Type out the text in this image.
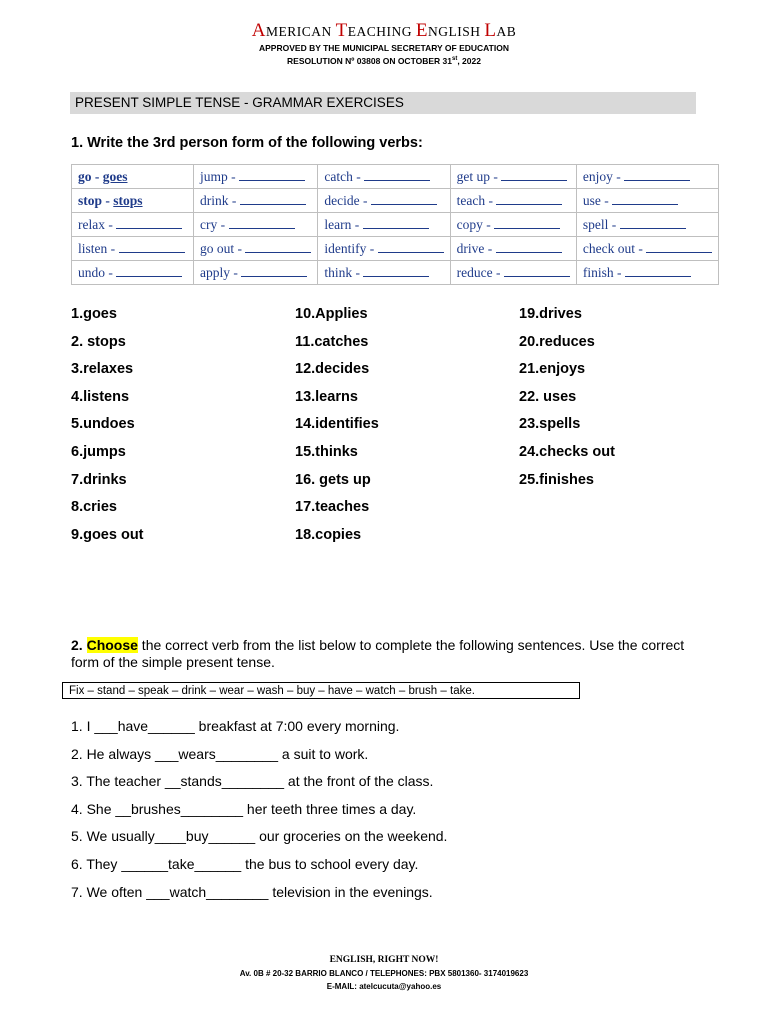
AMERICAN TEACHING ENGLISH LAB
APPROVED BY THE MUNICIPAL SECRETARY OF EDUCATION
RESOLUTION Nº 03808 ON OCTOBER 31st, 2022
PRESENT SIMPLE TENSE - GRAMMAR EXERCISES
1. Write the 3rd person form of the following verbs:
go - goes	jump -	catch -	get up -	enjoy -
stop - stops	drink -	decide -	teach -	use -
relax -	cry -	learn -	copy -	spell -
listen -	go out -	identify -	drive -	check out -
undo -	apply -	think -	reduce -	finish -
1.goes
2. stops
3.relaxes
4.listens
5.undoes
6.jumps
7.drinks
8.cries
9.goes out
10.Applies
11.catches
12.decides
13.learns
14.identifies
15.thinks
16. gets up
17.teaches
18.copies
19.drives
20.reduces
21.enjoys
22. uses
23.spells
24.checks out
25.finishes
2. Choose the correct verb from the list below to complete the following sentences. Use the correct form of the simple present tense.
Fix – stand – speak – drink – wear – wash – buy – have – watch – brush – take.
1. I ___have______ breakfast at 7:00 every morning.
2. He always ___wears________ a suit to work.
3. The teacher __stands________ at the front of the class.
4. She __brushes________ her teeth three times a day.
5. We usually____buy______ our groceries on the weekend.
6. They ______take______ the bus to school every day.
7. We often ___watch________ television in the evenings.
ENGLISH, RIGHT NOW!
Av. 0B # 20-32 BARRIO BLANCO / TELEPHONES: PBX 5801360- 3174019623
E-MAIL: atelcucuta@yahoo.es
